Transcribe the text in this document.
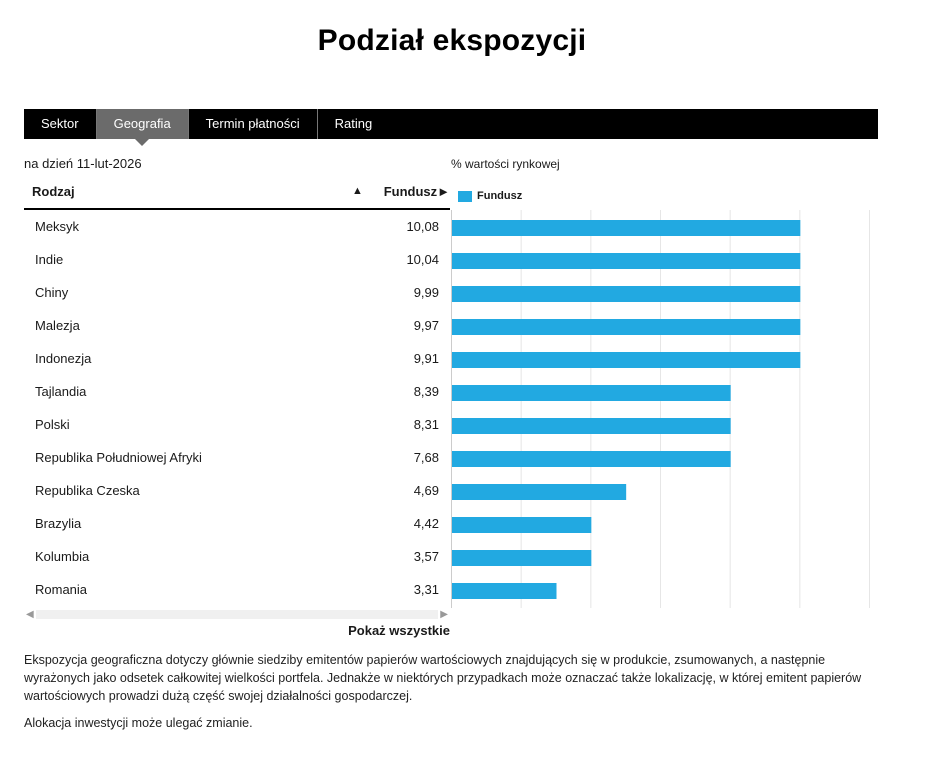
Podział ekspozycji
Sektor	Geografia	Termin płatności	Rating
na dzień 11-lut-2026	% wartości rynkowej
Rodzaj	▲ Fundusz►
Meksyk	10,08
Indie	10,04
Chiny	9,99
Malezja	9,97
Indonezja	9,91
Tajlandia	8,39
Polski	8,31
Republika Południowej Afryki	7,68
Republika Czeska	4,69
Brazylia	4,42
Kolumbia	3,57
Romania	3,31
Fundusz
◀	▶
Pokaż wszystkie
Ekspozycja geograficzna dotyczy głównie siedziby emitentów papierów wartościowych znajdujących się w produkcie, zsumowanych, a następnie wyrażonych jako odsetek całkowitej wielkości portfela. Jednakże w niektórych przypadkach może oznaczać także lokalizację, w której emitent papierów wartościowych prowadzi dużą część swojej działalności gospodarczej.
Alokacja inwestycji może ulegać zmianie.
